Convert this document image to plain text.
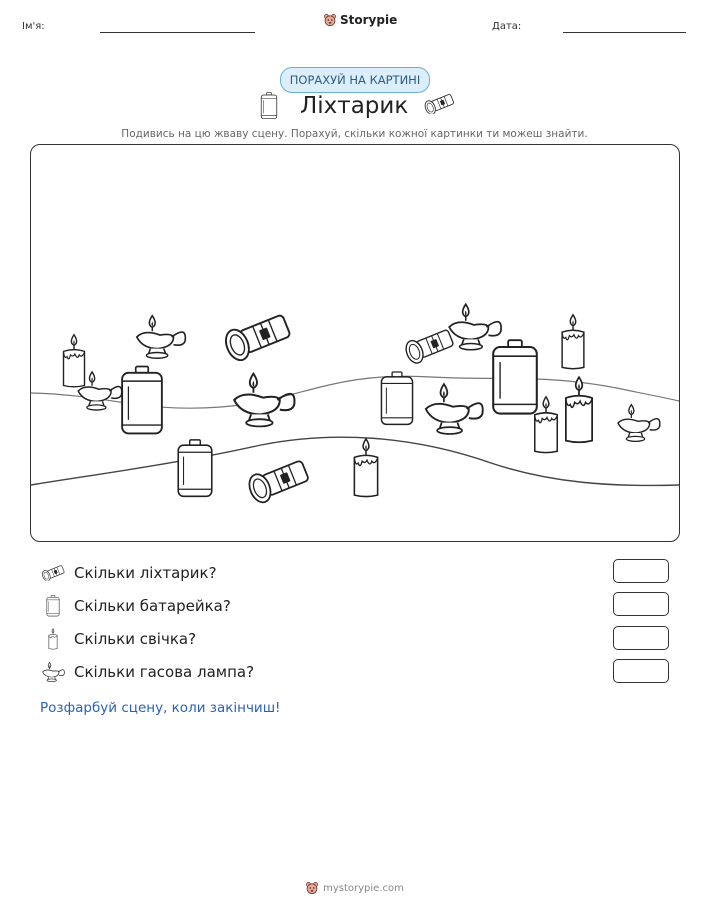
Ім'я:	Storypie	Дата:
ПОРАХУЙ НА КАРТИНІ
Ліхтарик
Подивись на цю жваву сцену. Порахуй, скільки кожної картинки ти можеш знайти.
Скільки ліхтарик?
Скільки батарейка?
Скільки свічка?
Скільки гасова лампа?
Розфарбуй сцену, коли закінчиш!
mystorypie.com
